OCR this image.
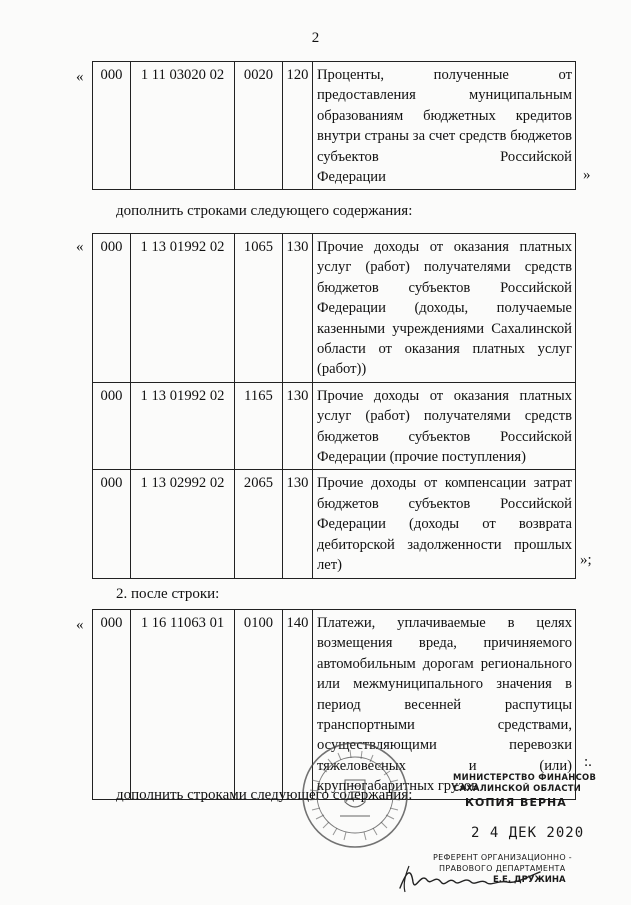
2
« 000	1 11 03020 02	0020	120	Проценты, полученные от предоставления муниципальным образованиям бюджетных кредитов внутри страны за счет средств бюджетов субъектов Российской
Федерации	»
дополнить строками следующего содержания:
« 000	1 13 01992 02	1065	130	Прочие доходы от оказания платных услуг (работ) получателями средств бюджетов субъектов Российской Федерации (доходы, получаемые казенными учреждениями Сахалинской области от оказания платных услуг
(работ))

000	1 13 01992 02	1165	130	Прочие доходы от оказания платных услуг (работ) получателями средств бюджетов субъектов Российской
Федерации (прочие поступления)

000	1 13 02992 02	2065	130	Прочие доходы от компенсации затрат бюджетов субъектов Российской Федерации (доходы от возврата дебиторской задолженности прошлых
лет)	»;
2. после строки:
« 000	1 16 11063 01	0100	140	Платежи, уплачиваемые в целях возмещения вреда, причиняемого автомобильным дорогам регионального или межмуниципального значения в период весенней распутицы транспортными средствами, осуществляющими перевозки тяжеловесных и (или)
крупногабаритных грузов
:.
дополнить строками следующего содержания:
МИНИСТЕРСТВО ФИНАНСОВ
САХАЛИНСКОЙ ОБЛАСТИ
КОПИЯ ВЕРНА
2 4 ДЕК 2020
РЕФЕРЕНТ ОРГАНИЗАЦИОННО -
ПРАВОВОГО ДЕПАРТАМЕНТА
Е.Е. ДРУЖИНА
